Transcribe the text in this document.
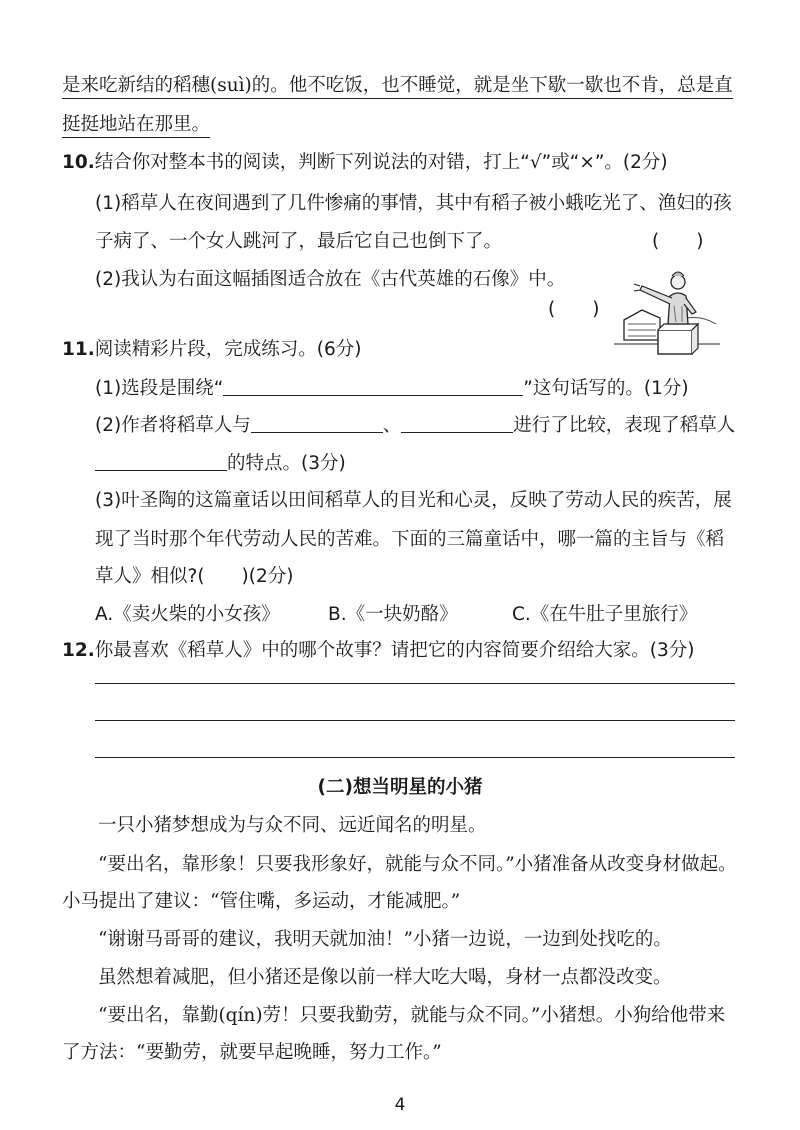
是来吃新结的稻穗(suì)的。他不吃饭，也不睡觉，就是坐下歇一歇也不肯，总是直
挺挺地站在那里。
10.结合你对整本书的阅读，判断下列说法的对错，打上“√”或“×”。(2分)
(1)稻草人在夜间遇到了几件惨痛的事情，其中有稻子被小蛾吃光了、渔妇的孩
子病了、一个女人跳河了，最后它自己也倒下了。	(　　)
(2)我认为右面这幅插图适合放在《古代英雄的石像》中。
(　　)
11.阅读精彩片段，完成练习。(6分)
(1)选段是围绕“	”这句话写的。(1分)
(2)作者将稻草人与	、	进行了比较，表现了稻草人
的特点。(3分)
(3)叶圣陶的这篇童话以田间稻草人的目光和心灵，反映了劳动人民的疾苦，展
现了当时那个年代劳动人民的苦难。下面的三篇童话中，哪一篇的主旨与《稻
草人》相似?(　　)(2分)
A.《卖火柴的小女孩》	B.《一块奶酪》	C.《在牛肚子里旅行》
12.你最喜欢《稻草人》中的哪个故事？请把它的内容简要介绍给大家。(3分)
(二)想当明星的小猪
一只小猪梦想成为与众不同、远近闻名的明星。
“要出名，靠形象！只要我形象好，就能与众不同。”小猪准备从改变身材做起。
小马提出了建议：“管住嘴，多运动，才能减肥。”
“谢谢马哥哥的建议，我明天就加油！”小猪一边说，一边到处找吃的。
虽然想着减肥，但小猪还是像以前一样大吃大喝，身材一点都没改变。
“要出名，靠勤(qín)劳！只要我勤劳，就能与众不同。”小猪想。小狗给他带来
了方法：“要勤劳，就要早起晚睡，努力工作。”
4
